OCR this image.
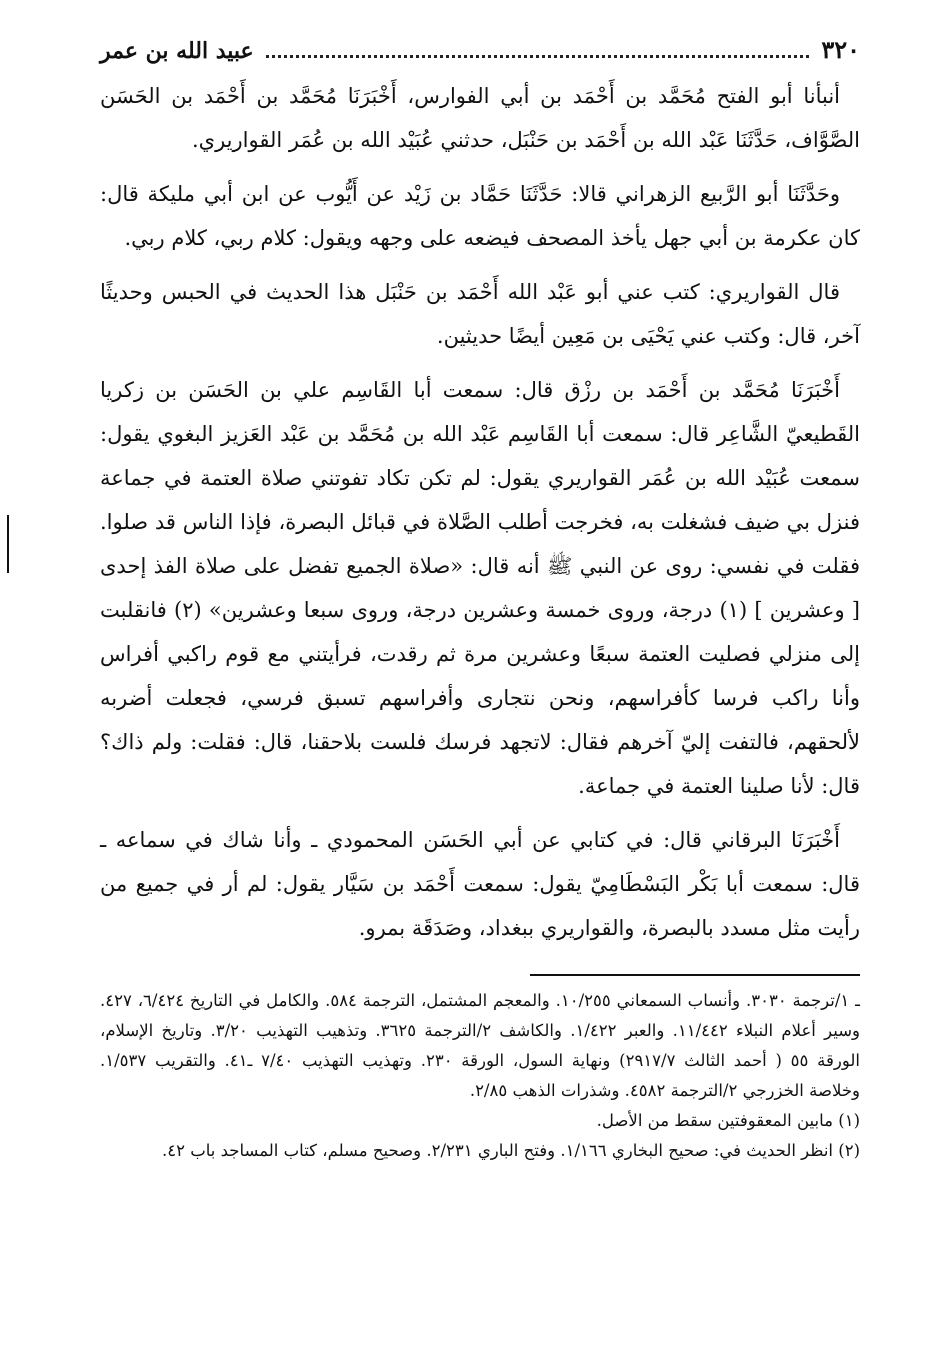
٣٢٠
عبيد الله بن عمر

أنبأنا أبو الفتح مُحَمَّد بن أَحْمَد بن أبي الفوارس، أَخْبَرَنَا مُحَمَّد بن أَحْمَد بن الحَسَن الصَّوَّاف، حَدَّثَنَا عَبْد الله بن أَحْمَد بن حَنْبَل، حدثني عُبَيْد الله بن عُمَر القواريري.

وحَدَّثَنَا أبو الرَّبيع الزهراني قالا: حَدَّثَنَا حَمَّاد بن زَيْد عن أَيُّوب عن ابن أبي مليكة قال: كان عكرمة بن أبي جهل يأخذ المصحف فيضعه على وجهه ويقول: كلام ربي، كلام ربي.

قال القواريري: كتب عني أبو عَبْد الله أَحْمَد بن حَنْبَل هذا الحديث في الحبس وحديثًا آخر، قال: وكتب عني يَحْيَى بن مَعِين أيضًا حديثين.

أَخْبَرَنَا مُحَمَّد بن أَحْمَد بن رزْق قال: سمعت أبا القَاسِم علي بن الحَسَن بن زكريا القَطيعيّ الشَّاعِر قال: سمعت أبا القَاسِم عَبْد الله بن مُحَمَّد بن عَبْد العَزيز البغوي يقول: سمعت عُبَيْد الله بن عُمَر القواريري يقول: لم تكن تكاد تفوتني صلاة العتمة في جماعة فنزل بي ضيف فشغلت به، فخرجت أطلب الصَّلاة في قبائل البصرة، فإذا الناس قد صلوا. فقلت في نفسي: روى عن النبي ﷺ أنه قال: «صلاة الجميع تفضل على صلاة الفذ إحدى [ وعشرين ] (١) درجة، وروى خمسة وعشرين درجة، وروى سبعا وعشرين» (٢) فانقلبت إلى منزلي فصليت العتمة سبعًا وعشرين مرة ثم رقدت، فرأيتني مع قوم راكبي أفراس وأنا راكب فرسا كأفراسهم، ونحن نتجارى وأفراسهم تسبق فرسي، فجعلت أضربه لألحقهم، فالتفت إليّ آخرهم فقال: لاتجهد فرسك فلست بلاحقنا، قال: فقلت: ولم ذاك؟ قال: لأنا صلينا العتمة في جماعة.

أَخْبَرَنَا البرقاني قال: في كتابي عن أبي الحَسَن المحمودي ـ وأنا شاك في سماعه ـ قال: سمعت أبا بَكْر البَسْطَامِيّ يقول: سمعت أَحْمَد بن سَيَّار يقول: لم أر في جميع من رأيت مثل مسدد بالبصرة، والقواريري ببغداد، وصَدَقَة بمرو.

ـ ١/ترجمة ٣٠٣٠. وأنساب السمعاني ١٠/٢٥٥. والمعجم المشتمل، الترجمة ٥٨٤. والكامل في التاريخ ٦/٤٢٤، ٤٢٧. وسير أعلام النبلاء ١١/٤٤٢. والعبر ١/٤٢٢. والكاشف ٢/الترجمة ٣٦٢٥. وتذهيب التهذيب ٣/٢٠. وتاريخ الإسلام، الورقة ٥٥ ( أحمد الثالث ٢٩١٧/٧) ونهاية السول، الورقة ٢٣٠. وتهذيب التهذيب ٧/٤٠ ـ٤١. والتقريب ١/٥٣٧. وخلاصة الخزرجي ٢/الترجمة ٤٥٨٢. وشذرات الذهب ٢/٨٥.

(١) مابين المعقوفتين سقط من الأصل.

(٢) انظر الحديث في: صحيح البخاري ١/١٦٦. وفتح الباري ٢/٢٣١. وصحيح مسلم، كتاب المساجد باب ٤٢.
